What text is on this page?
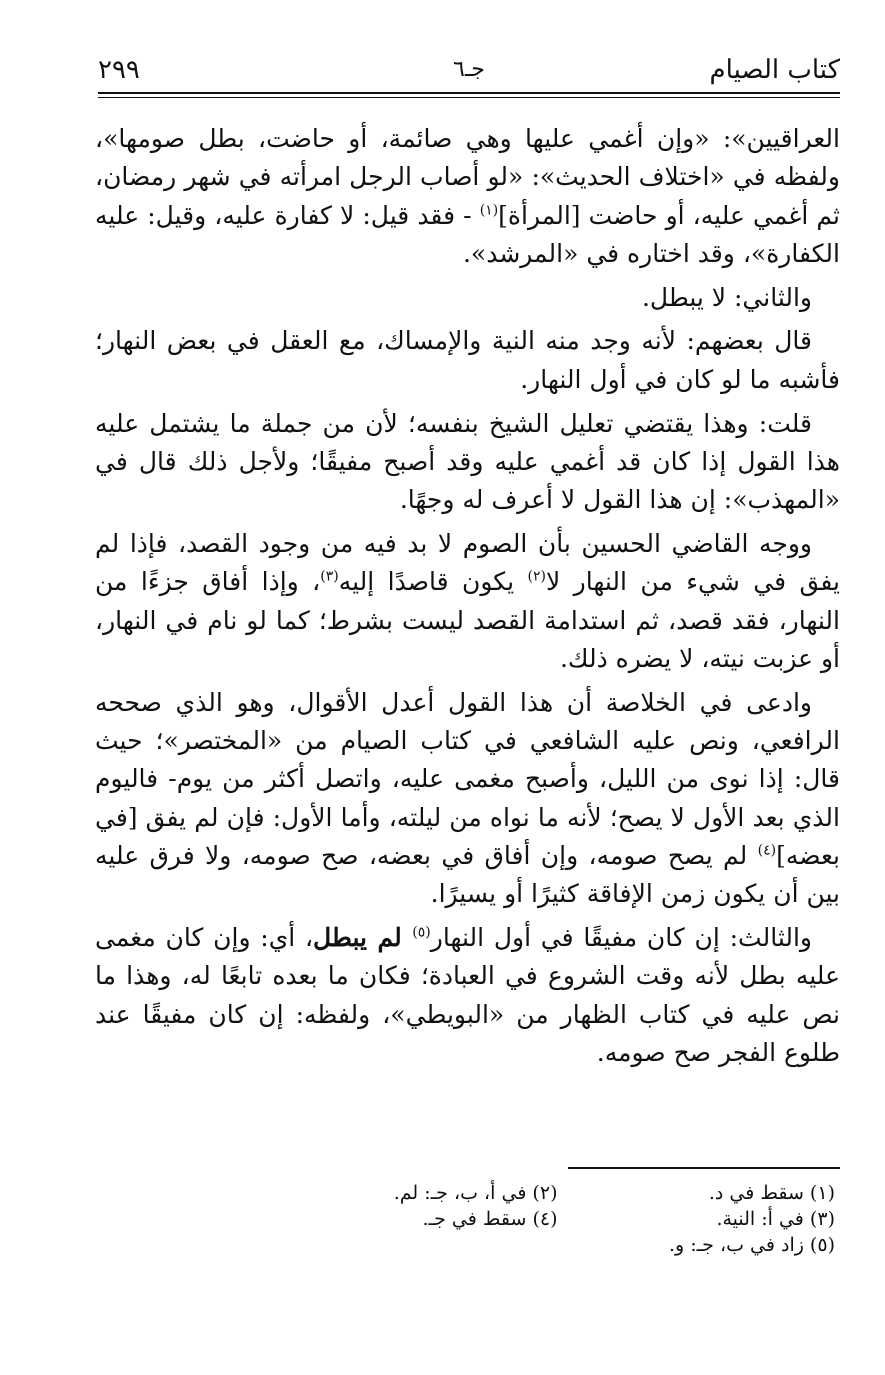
كتاب الصيام
جـ٦
٢٩٩

العراقيين»: «وإن أغمي عليها وهي صائمة، أو حاضت، بطل صومها»، ولفظه في «اختلاف الحديث»: «لو أصاب الرجل امرأته في شهر رمضان، ثم أغمي عليه، أو حاضت [المرأة]$^{(١)}$ - فقد قيل: لا كفارة عليه، وقيل: عليه الكفارة»، وقد اختاره في «المرشد».

والثاني: لا يبطل.

قال بعضهم: لأنه وجد منه النية والإمساك، مع العقل في بعض النهار؛ فأشبه ما لو كان في أول النهار.

قلت: وهذا يقتضي تعليل الشيخ بنفسه؛ لأن من جملة ما يشتمل عليه هذا القول إذا كان قد أغمي عليه وقد أصبح مفيقًا؛ ولأجل ذلك قال في «المهذب»: إن هذا القول لا أعرف له وجهًا.

ووجه القاضي الحسين بأن الصوم لا بد فيه من وجود القصد، فإذا لم يفق في شيء من النهار لا$^{(٢)}$ يكون قاصدًا إليه$^{(٣)}$، وإذا أفاق جزءًا من النهار، فقد قصد، ثم استدامة القصد ليست بشرط؛ كما لو نام في النهار، أو عزبت نيته، لا يضره ذلك.

وادعى في الخلاصة أن هذا القول أعدل الأقوال، وهو الذي صححه الرافعي، ونص عليه الشافعي في كتاب الصيام من «المختصر»؛ حيث قال: إذا نوى من الليل، وأصبح مغمى عليه، واتصل أكثر من يوم- فاليوم الذي بعد الأول لا يصح؛ لأنه ما نواه من ليلته، وأما الأول: فإن لم يفق [في بعضه]$^{(٤)}$ لم يصح صومه، وإن أفاق في بعضه، صح صومه، ولا فرق عليه بين أن يكون زمن الإفاقة كثيرًا أو يسيرًا.

والثالث: إن كان مفيقًا في أول النهار$^{(٥)}$ لم يبطل، أي: وإن كان مغمى عليه بطل لأنه وقت الشروع في العبادة؛ فكان ما بعده تابعًا له، وهذا ما نص عليه في كتاب الظهار من «البويطي»، ولفظه: إن كان مفيقًا عند طلوع الفجر صح صومه.

(١) سقط في د.
(٢) في أ، ب، جـ: لم.
(٣) في أ: النية.
(٤) سقط في جـ.
(٥) زاد في ب، جـ: و.
